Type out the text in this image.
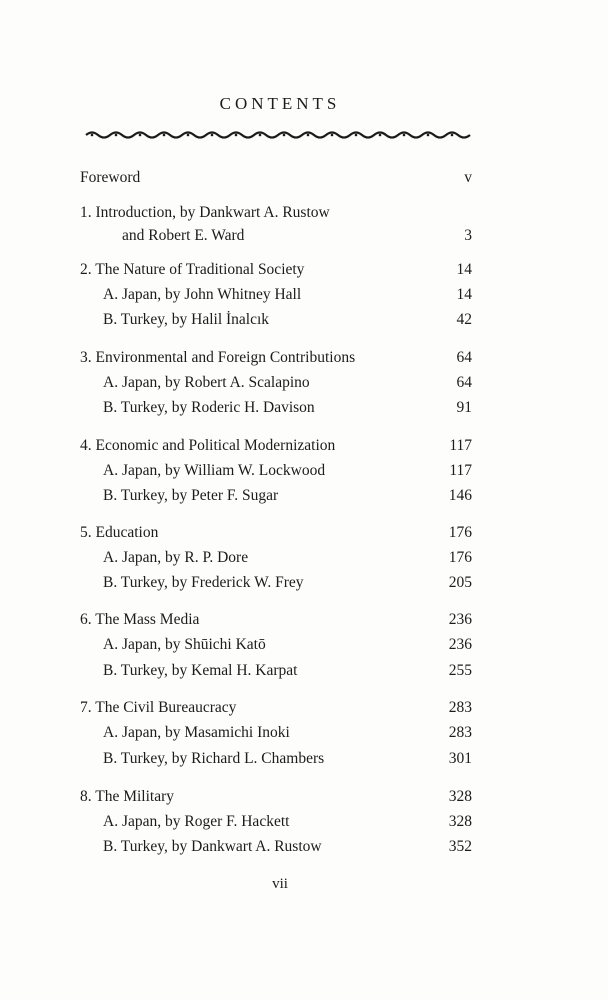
CONTENTS
Foreword	v
1. Introduction, by Dankwart A. Rustow
and Robert E. Ward	3
2. The Nature of Traditional Society	14
A. Japan, by John Whitney Hall	14
B. Turkey, by Halil İnalcık	42
3. Environmental and Foreign Contributions	64
A. Japan, by Robert A. Scalapino	64
B. Turkey, by Roderic H. Davison	91
4. Economic and Political Modernization	117
A. Japan, by William W. Lockwood	117
B. Turkey, by Peter F. Sugar	146
5. Education	176
A. Japan, by R. P. Dore	176
B. Turkey, by Frederick W. Frey	205
6. The Mass Media	236
A. Japan, by Shūichi Katō	236
B. Turkey, by Kemal H. Karpat	255
7. The Civil Bureaucracy	283
A. Japan, by Masamichi Inoki	283
B. Turkey, by Richard L. Chambers	301
8. The Military	328
A. Japan, by Roger F. Hackett	328
B. Turkey, by Dankwart A. Rustow	352
vii
